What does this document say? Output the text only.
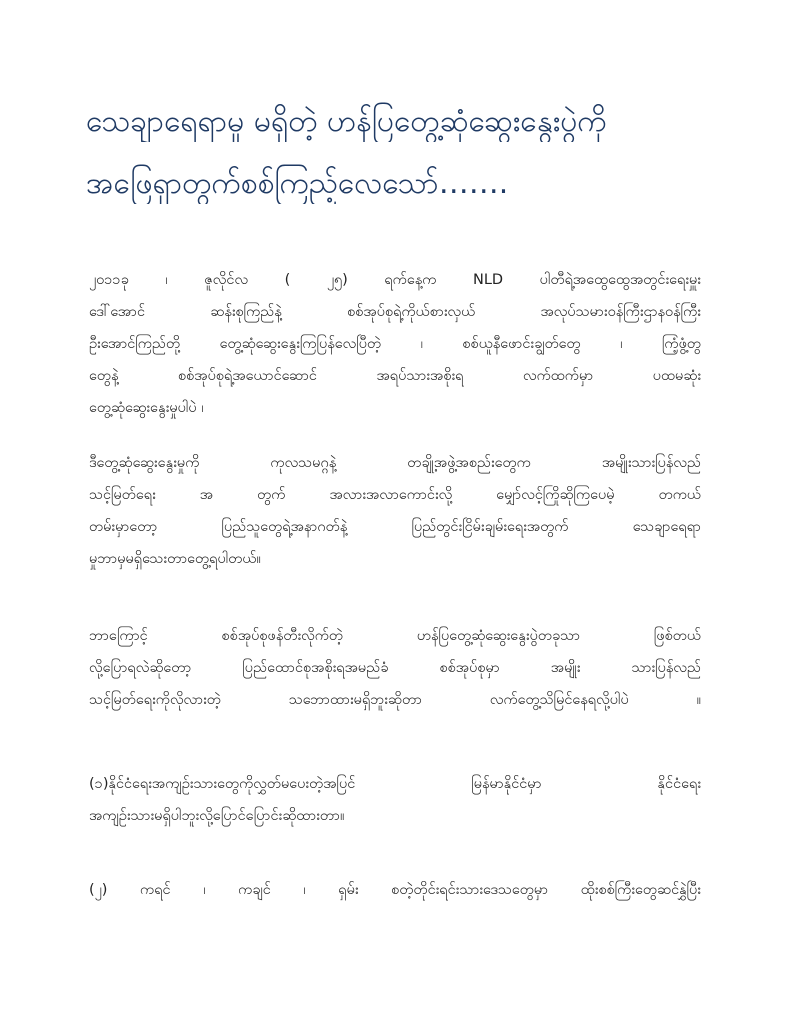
သေချာရေရာမှု မရှိတဲ့ ဟန်ပြတွေ့ဆုံဆွေးနွေးပွဲကို
အဖြေရှာတွက်စစ်ကြည့်လေသော်…….
၂၀၁၁ခု ၊ ဇူလိုင်လ ( ၂၅) ရက်နေ့က NLD ပါတီရဲ့အထွေထွေအတွင်းရေးမှူး
ဒေါ်အောင် ဆန်းစုကြည်နဲ့ စစ်အုပ်စုရဲ့ကိုယ်စားလှယ် အလုပ်သမားဝန်ကြီးဌာနဝန်ကြီး
ဦးအောင်ကြည်တို့ တွေ့ဆုံဆွေးနွေးကြပြန်လေပြီတဲ့ ၊ စစ်ယူနီဖောင်းချွတ်တွေ ၊ ကြံ့ဖွံ့တွ
တွေနဲ့ စစ်အုပ်စုရဲ့အယောင်ဆောင် အရပ်သားအစိုးရ လက်ထက်မှာ ပထမဆုံး
တွေ့ဆုံဆွေးနွေးမှုပါပဲ ၊
ဒီတွေ့ဆုံဆွေးနွေးမှုကို ကုလသမဂ္ဂနဲ့ တချို့အဖွဲ့အစည်းတွေက အမျိုးသားပြန်လည်
သင့်မြတ်ရေး အ တွက် အလားအလာကောင်းလို့ မျှော်လင့်ကြိုဆိုကြပေမဲ့ တကယ်
တမ်းမှာတော့ ပြည်သူတွေရဲ့အနာဂတ်နဲ့ ပြည်တွင်းငြိမ်းချမ်းရေးအတွက် သေချာရေရာ
မှုဘာမှမရှိသေးတာတွေ့ရပါတယ်။
ဘာကြောင့် စစ်အုပ်စုဖန်တီးလိုက်တဲ့ ဟန်ပြတွေ့ဆုံဆွေးနွေးပွဲတခုသာ ဖြစ်တယ်
လို့ပြောရလဲဆိုတော့ ပြည်ထောင်စုအစိုးရအမည်ခံ စစ်အုပ်စုမှာ အမျိုး သားပြန်လည်
သင့်မြတ်ရေးကိုလိုလားတဲ့ သဘောထားမရှိဘူးဆိုတာ လက်တွေ့သိမြင်နေရလို့ပါပဲ ။
(၁)နိုင်ငံရေးအကျဉ်းသားတွေကိုလွှတ်မပေးတဲ့အပြင် မြန်မာနိုင်ငံမှာ နိုင်ငံရေး
အကျဉ်းသားမရှိပါဘူးလို့ပြောင်ပြောင်းဆိုထားတာ။
(၂) ကရင် ၊ ကချင် ၊ ရှမ်း စတဲ့တိုင်းရင်းသားဒေသတွေမှာ ထိုးစစ်ကြီးတွေဆင်နွှဲပြီး
